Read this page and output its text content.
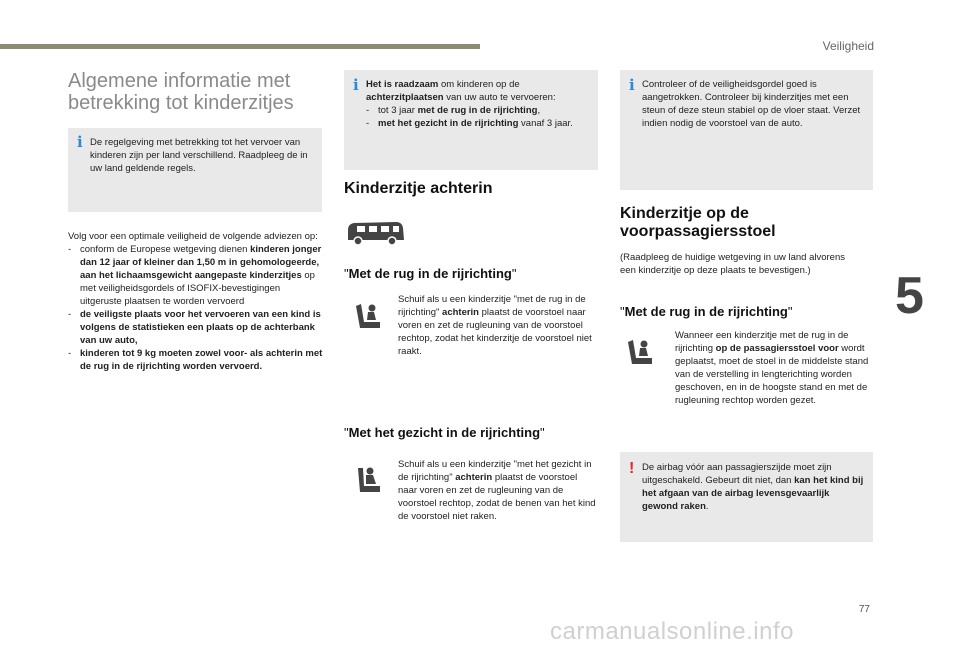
Veiligheid
5
77
carmanualsonline.info
Algemene informatie met betrekking tot kinderzitjes
i De regelgeving met betrekking tot het vervoer van kinderen zijn per land verschillend. Raadpleeg de in uw land geldende regels.
Volg voor een optimale veiligheid de volgende adviezen op:
- conform de Europese wetgeving dienen kinderen jonger dan 12 jaar of kleiner dan 1,50 m in gehomologeerde, aan het lichaamsgewicht aangepaste kinderzitjes op met veiligheidsgordels of ISOFIX-bevestigingen uitgeruste plaatsen te worden vervoerd
- de veiligste plaats voor het vervoeren van een kind is volgens de statistieken een plaats op de achterbank van uw auto,
- kinderen tot 9 kg moeten zowel voor- als achterin met de rug in de rijrichting worden vervoerd.
i Het is raadzaam om kinderen op de achterzitplaatsen van uw auto te vervoeren:
- tot 3 jaar met de rug in de rijrichting,
- met het gezicht in de rijrichting vanaf 3 jaar.
Kinderzitje achterin
"Met de rug in de rijrichting"
Schuif als u een kinderzitje "met de rug in de rijrichting" achterin plaatst de voorstoel naar voren en zet de rugleuning van de voorstoel rechtop, zodat het kinderzitje de voorstoel niet raakt.
"Met het gezicht in de rijrichting"
Schuif als u een kinderzitje "met het gezicht in de rijrichting" achterin plaatst de voorstoel naar voren en zet de rugleuning van de voorstoel rechtop, zodat de benen van het kind de voorstoel niet raken.
i Controleer of de veiligheidsgordel goed is aangetrokken. Controleer bij kinderzitjes met een steun of deze steun stabiel op de vloer staat. Verzet indien nodig de voorstoel van de auto.
Kinderzitje op de voorpassagiersstoel
(Raadpleeg de huidige wetgeving in uw land alvorens een kinderzitje op deze plaats te bevestigen.)
"Met de rug in de rijrichting"
Wanneer een kinderzitje met de rug in de rijrichting op de passagiersstoel voor wordt geplaatst, moet de stoel in de middelste stand van de verstelling in lengterichting worden geschoven, en in de hoogste stand en met de rugleuning rechtop worden gezet.
! De airbag vóór aan passagierszijde moet zijn uitgeschakeld. Gebeurt dit niet, dan kan het kind bij het afgaan van de airbag levensgevaarlijk gewond raken.
